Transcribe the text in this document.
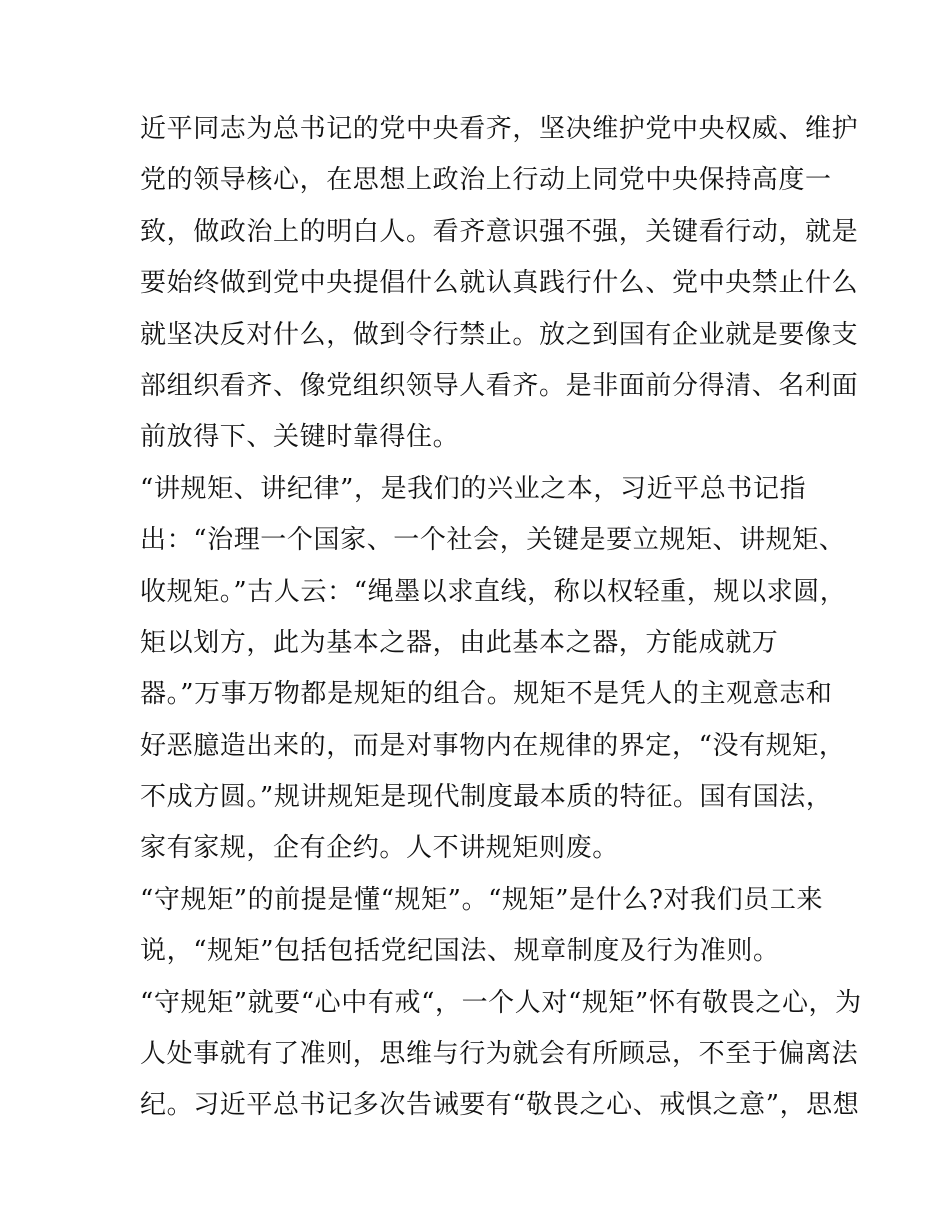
近平同志为总书记的党中央看齐，坚决维护党中央权威、维护
党的领导核心，在思想上政治上行动上同党中央保持高度一
致，做政治上的明白人。看齐意识强不强，关键看行动，就是
要始终做到党中央提倡什么就认真践行什么、党中央禁止什么
就坚决反对什么，做到令行禁止。放之到国有企业就是要像支
部组织看齐、像党组织领导人看齐。是非面前分得清、名利面
前放得下、关键时靠得住。
“讲规矩、讲纪律”，是我们的兴业之本，习近平总书记指
出：“治理一个国家、一个社会，关键是要立规矩、讲规矩、
收规矩。”古人云：“绳墨以求直线，称以权轻重，规以求圆，
矩以划方，此为基本之器，由此基本之器，方能成就万
器。”万事万物都是规矩的组合。规矩不是凭人的主观意志和
好恶臆造出来的，而是对事物内在规律的界定，“没有规矩，
不成方圆。”规讲规矩是现代制度最本质的特征。国有国法，
家有家规，企有企约。人不讲规矩则废。
“守规矩”的前提是懂“规矩”。“规矩”是什么?对我们员工来
说，“规矩”包括包括党纪国法、规章制度及行为准则。
“守规矩”就要“心中有戒“，一个人对“规矩”怀有敬畏之心，为
人处事就有了准则，思维与行为就会有所顾忌，不至于偏离法
纪。习近平总书记多次告诫要有“敬畏之心、戒惧之意”，思想
